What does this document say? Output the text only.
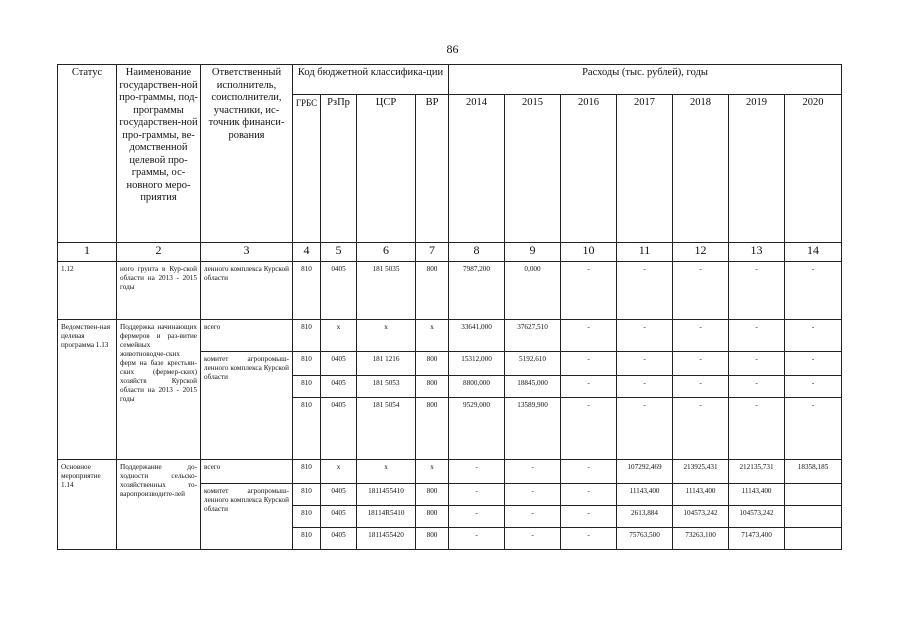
86
Статус	Наименование государствен-ной про-граммы, под-программы государствен-ной про-граммы, ве-домственной целевой про-граммы, ос-новного меро-приятия	Ответственный исполнитель, соисполнители, участники, ис-точник финанси-рования	Код бюджетной классифика-ции				Расходы (тыс. рублей), годы						
			ГРБС	РзПр	ЦСР	ВР	2014	2015	2016	2017	2018	2019	2020
1	2	3	4	5	6	7	8	9	10	11	12	13	14
1.12	ного грунта в Кур-ской области на 2013 - 2015 годы	ленного комплекса Курской области	810	0405	181 5035	800	7987,200	0,000	-	-	-	-	-
Ведомствен-ная целевая программа 1.13	Поддержка начинающих фермеров и раз-витие семейных животноводче-ских ферм на базе крестьян-ских (фермер-ских) хозяйств Курской области на 2013 - 2015 годы	всего	810	x	x	x	33641,000	37627,510	-	-	-	-	-
		комитет агропромыш-ленного комплекса Курской области	810	0405	181 1216	800	15312,000	5192,610	-	-	-	-	-
			810	0405	181 5053	800	8800,000	18845,000	-	-	-	-	-
			810	0405	181 5054	800	9529,000	13589,900	-	-	-	-	-
Основное мероприятие 1.14	Поддержание до-ходности сельско-хозяйственных то-варопроизводите-лей	всего	810	x	x	x	-	-	-	107292,469	213925,431	212135,731	18358,185
		комитет агропромыш-ленного комплекса Курской области	810	0405	1811455410	800	-	-	-	11143,400	11143,400	11143,400	
			810	0405	18114R5410	800	-	-	-	2613,884	104573,242	104573,242	
			810	0405	1811455420	800	-	-	-	75763,500	73263,100	71473,400	
